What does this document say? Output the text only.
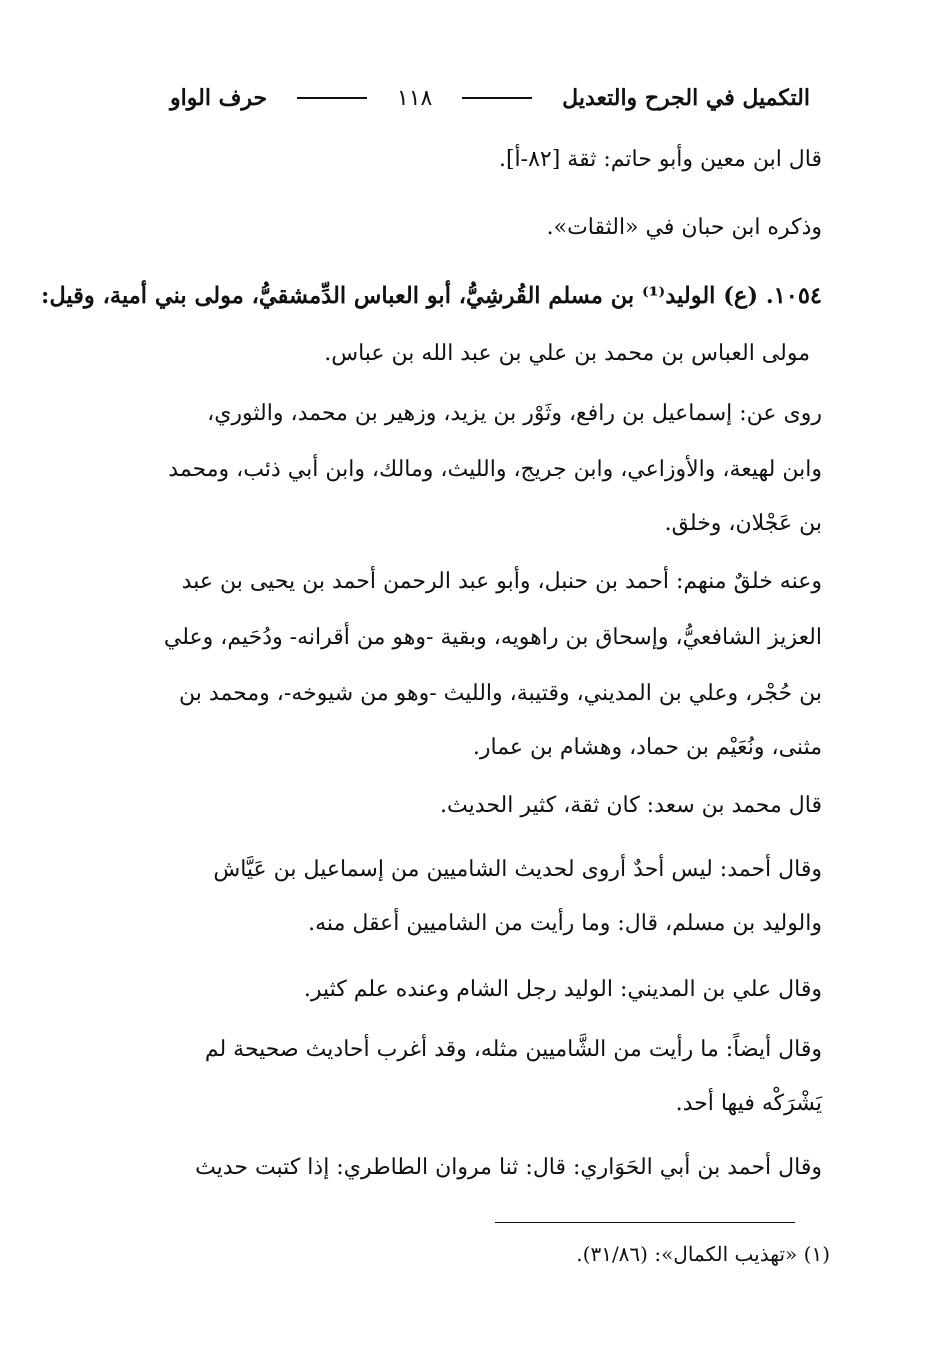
التكميل في الجرح والتعديل
١١٨
حرف الواو
قال ابن معين وأبو حاتم: ثقة [٨٢-أ].
وذكره ابن حبان في «الثقات».
١٠٥٤. (ع) الوليد⁽¹⁾ بن مسلم القُرشِيُّ، أبو العباس الدِّمشقيُّ، مولى بني أمية، وقيل:
مولى العباس بن محمد بن علي بن عبد الله بن عباس.
روى عن: إسماعيل بن رافع، وثَوْر بن يزيد، وزهير بن محمد، والثوري،
وابن لهيعة، والأوزاعي، وابن جريج، والليث، ومالك، وابن أبي ذئب، ومحمد
بن عَجْلان، وخلق.
وعنه خلقٌ منهم: أحمد بن حنبل، وأبو عبد الرحمن أحمد بن يحيى بن عبد
العزيز الشافعيُّ، وإسحاق بن راهويه، وبقية -وهو من أقرانه- ودُحَيم، وعلي
بن حُجْر، وعلي بن المديني، وقتيبة، والليث -وهو من شيوخه-، ومحمد بن
مثنى، ونُعَيْم بن حماد، وهشام بن عمار.
قال محمد بن سعد: كان ثقة، كثير الحديث.
وقال أحمد: ليس أحدٌ أروى لحديث الشاميين من إسماعيل بن عَيَّاش
والوليد بن مسلم، قال: وما رأيت من الشاميين أعقل منه.
وقال علي بن المديني: الوليد رجل الشام وعنده علم كثير.
وقال أيضاً: ما رأيت من الشَّاميين مثله، وقد أغرب أحاديث صحيحة لم
يَشْرَكْه فيها أحد.
وقال أحمد بن أبي الحَوَاري: قال: ثنا مروان الطاطري: إذا كتبت حديث
(١) «تهذيب الكمال»: (٣١/٨٦).
